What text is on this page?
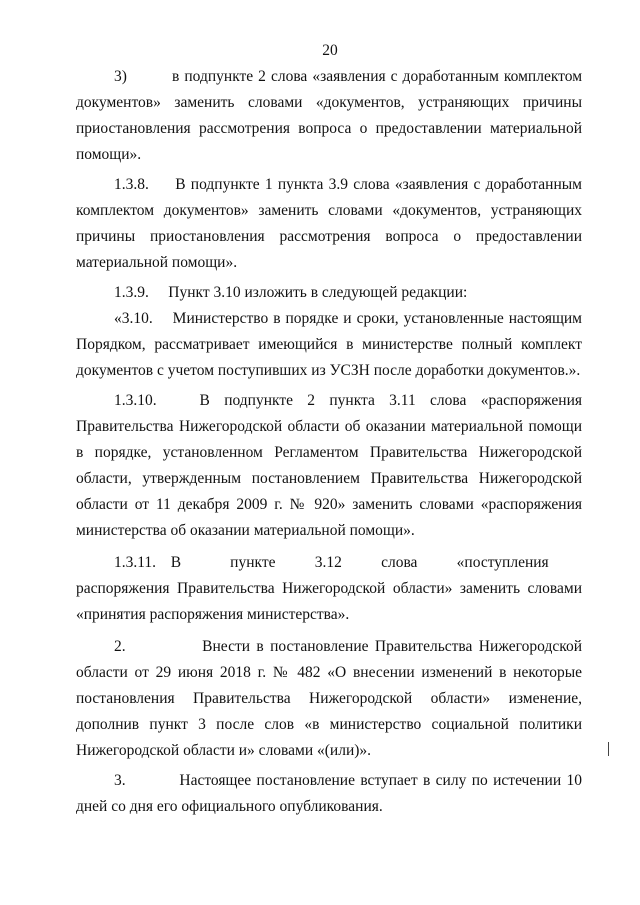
20

3)         в подпункте 2 слова «заявления с доработанным комплектом документов» заменить словами «документов, устраняющих причины приостановления рассмотрения вопроса о предоставлении материальной помощи».

1.3.8.     В подпункте 1 пункта 3.9 слова «заявления с доработанным комплектом документов» заменить словами «документов, устраняющих причины приостановления рассмотрения вопроса о предоставлении материальной помощи».

1.3.9.     Пункт 3.10 изложить в следующей редакции:

«3.10.    Министерство в порядке и сроки, установленные настоящим Порядком, рассматривает имеющийся в министерстве полный комплект документов с учетом поступивших из УСЗН после доработки документов.».

1.3.10.   В подпункте 2 пункта 3.11 слова «распоряжения Правительства Нижегородской области об оказании материальной помощи в порядке, установленном Регламентом Правительства Нижегородской области, утвержденным постановлением Правительства Нижегородской области от 11 декабря 2009 г. № 920» заменить словами «распоряжения министерства об оказании материальной помощи».

1.3.11.   В          пункте        3.12        слова        «поступления        распоряжения Правительства Нижегородской области» заменить словами «принятия распоряжения министерства».

2.            Внести в постановление Правительства Нижегородской области от 29 июня 2018 г. № 482 «О внесении изменений в некоторые постановления Правительства Нижегородской области» изменение, дополнив пункт 3 после слов «в министерство социальной политики Нижегородской области и» словами «(или)».

3.          Настоящее постановление вступает в силу по истечении 10 дней со дня его официального опубликования.
